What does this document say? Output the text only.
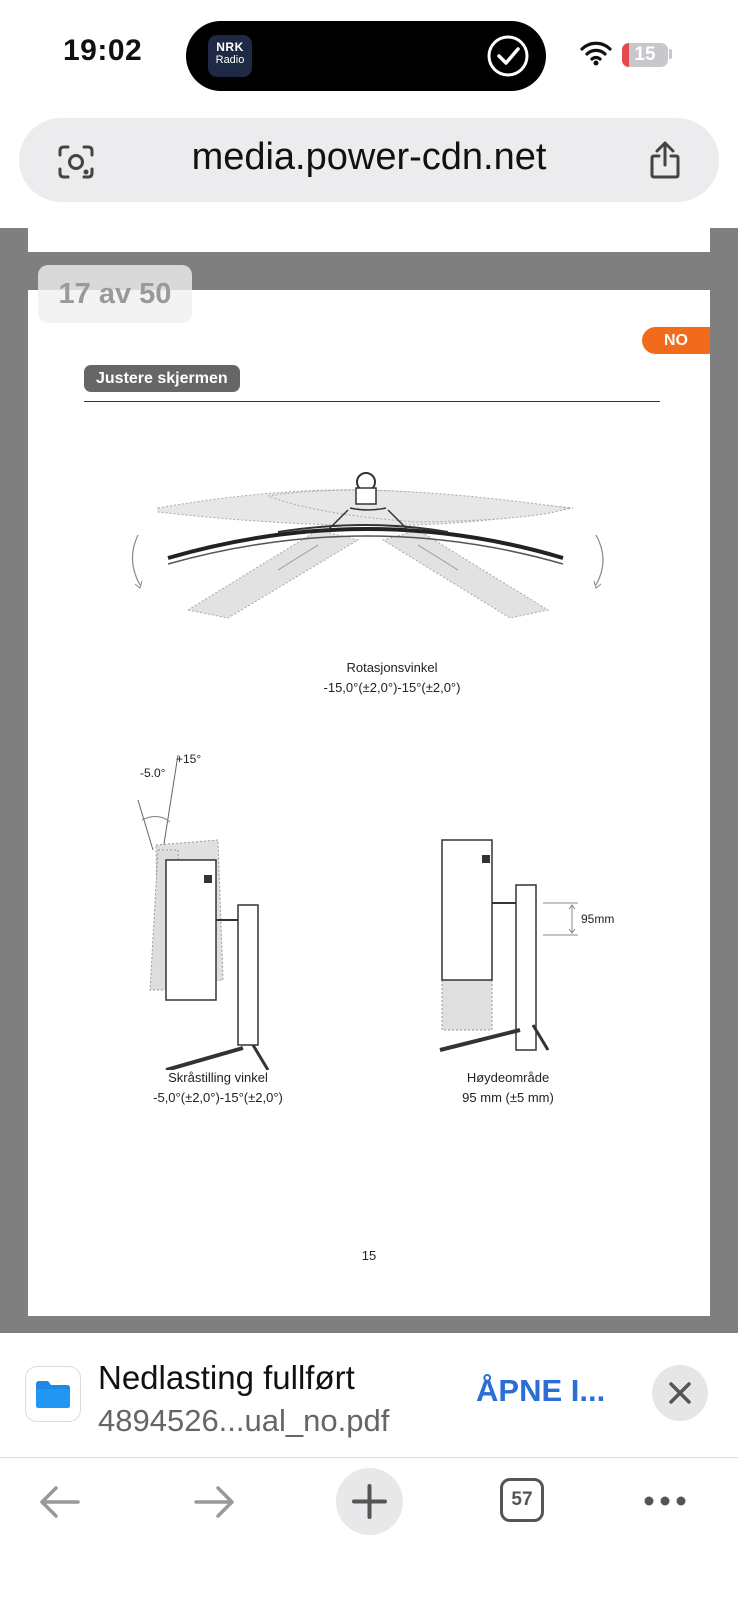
19:02	NRK
Radio	15
media.power-cdn.net
NO
Justere skjermen
Rotasjonsvinkel
-15,0°(±2,0°)-15°(±2,0°)
-5.0°
+15°
Skråstilling vinkel
-5,0°(±2,0°)-15°(±2,0°)
95mm
Høydeområde
95 mm (±5 mm)
15
17 av 50
Nedlasting fullført
4894526...ual_no.pdf
ÅPNE I...
57
